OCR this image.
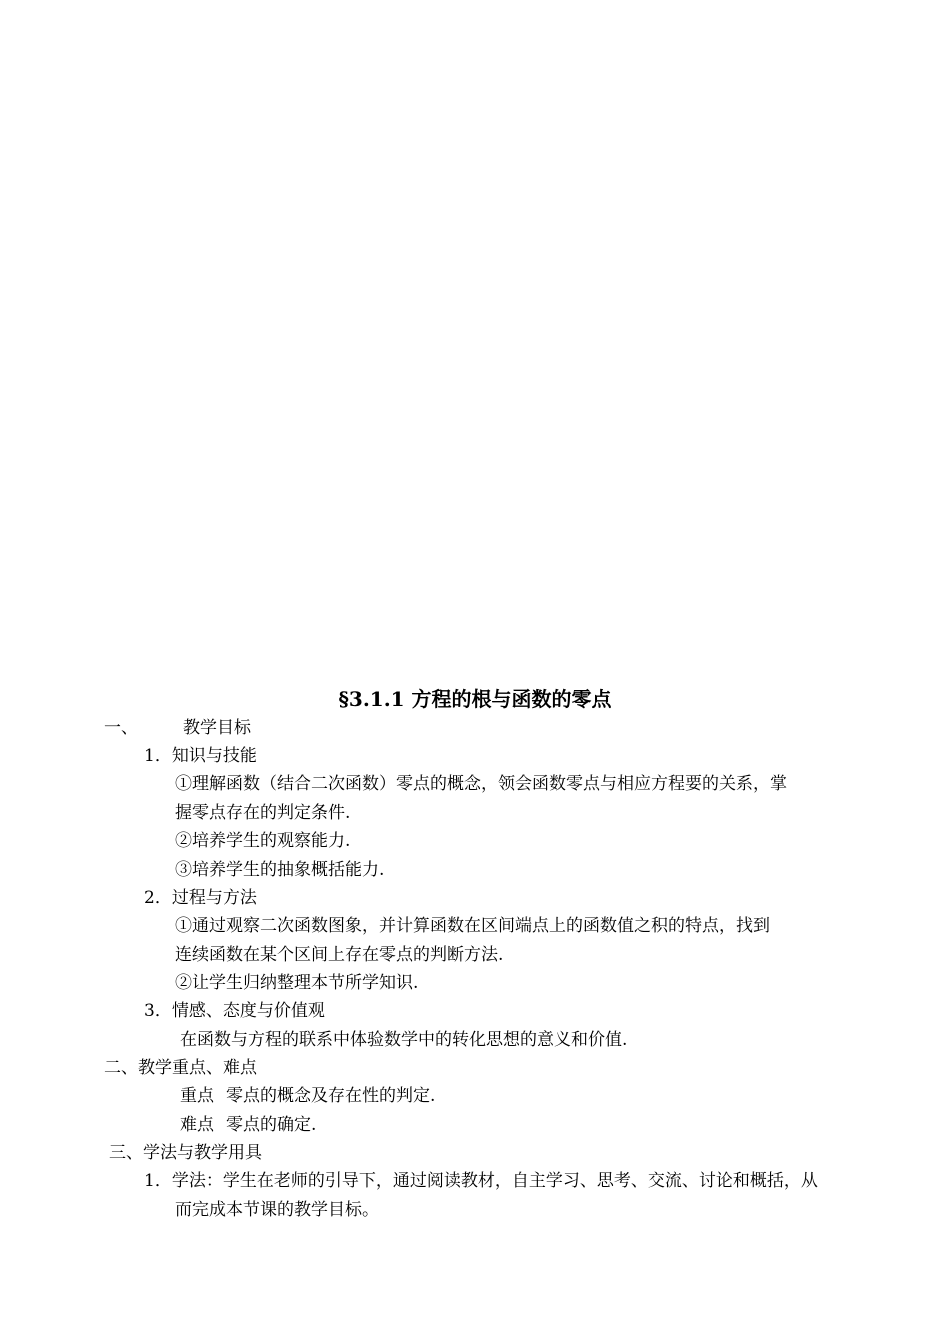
§3.1.1 方程的根与函数的零点
一、	教学目标
1．知识与技能
①理解函数（结合二次函数）零点的概念，领会函数零点与相应方程要的关系，掌
握零点存在的判定条件.
②培养学生的观察能力.
③培养学生的抽象概括能力.
2．过程与方法
①通过观察二次函数图象，并计算函数在区间端点上的函数值之积的特点，找到
连续函数在某个区间上存在零点的判断方法.
②让学生归纳整理本节所学知识.
3．情感、态度与价值观
在函数与方程的联系中体验数学中的转化思想的意义和价值.
二、教学重点、难点
重点 零点的概念及存在性的判定.
难点 零点的确定.
三、学法与教学用具
1．学法：学生在老师的引导下，通过阅读教材，自主学习、思考、交流、讨论和概括，从
而完成本节课的教学目标。
